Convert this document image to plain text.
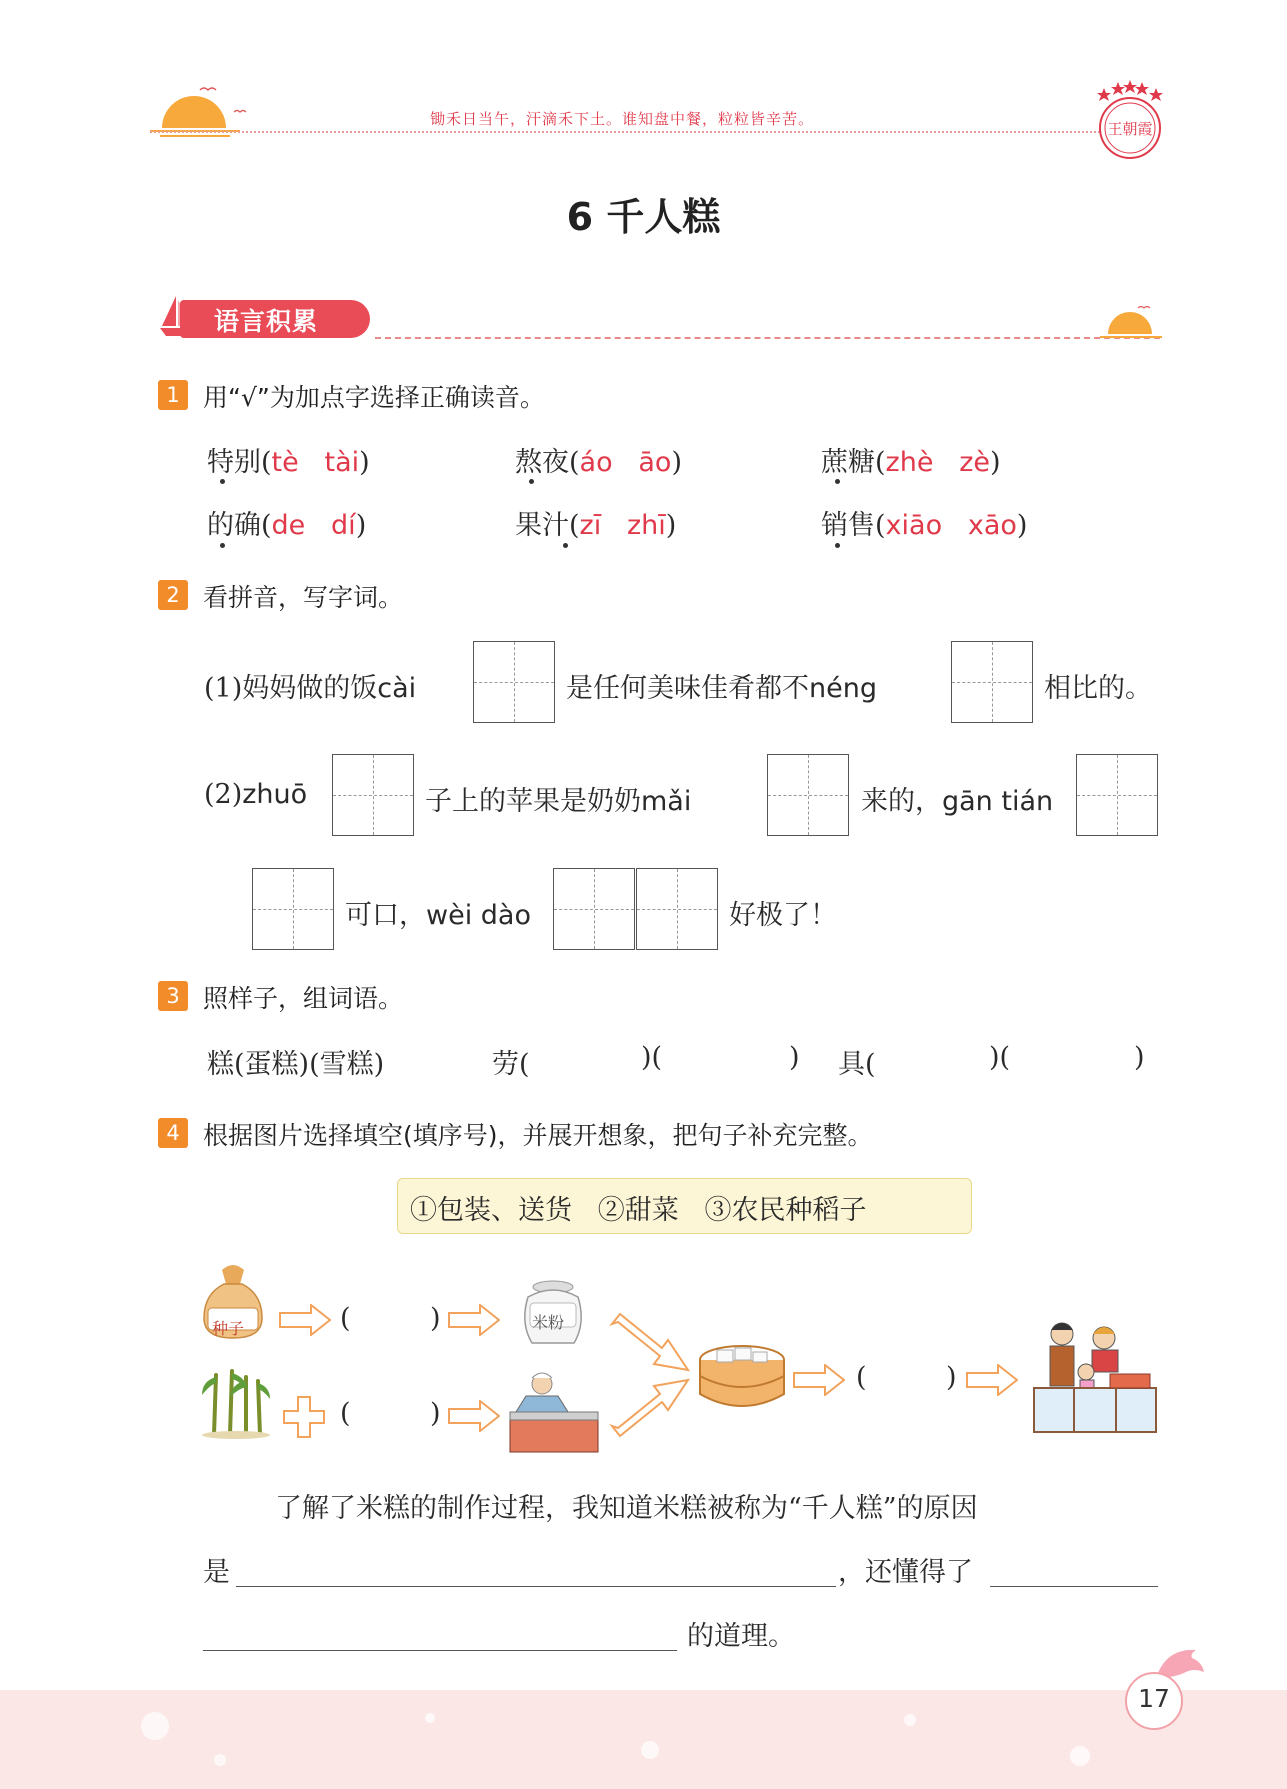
锄禾日当午，汗滴禾下土。谁知盘中餐，粒粒皆辛苦。
王朝霞
6 千人糕
语言积累
1 用“√”为加点字选择正确读音。
特别(tè tài)	熬夜(áo āo)	蔗糖(zhè zè)
的确(de dí)	果汁(zī zhī)	销售(xiāo xāo)
2 看拼音，写字词。
(1)妈妈做的饭cài	是任何美味佳肴都不néng	相比的。
(2)zhuō	子上的苹果是奶奶mǎi	来的，gān tián
可口，wèi dào	好极了！
3 照样子，组词语。
糕(蛋糕)(雪糕)	劳(	)(	) 具(	)(	)
4 根据图片选择填空(填序号)，并展开想象，把句子补充完整。
①包装、送货   ②甜菜   ③农民种稻子
种子	(	)	米粉
(	)
(	)
了解了米糕的制作过程，我知道米糕被称为“千人糕”的原因
是	，还懂得了
的道理。
17
